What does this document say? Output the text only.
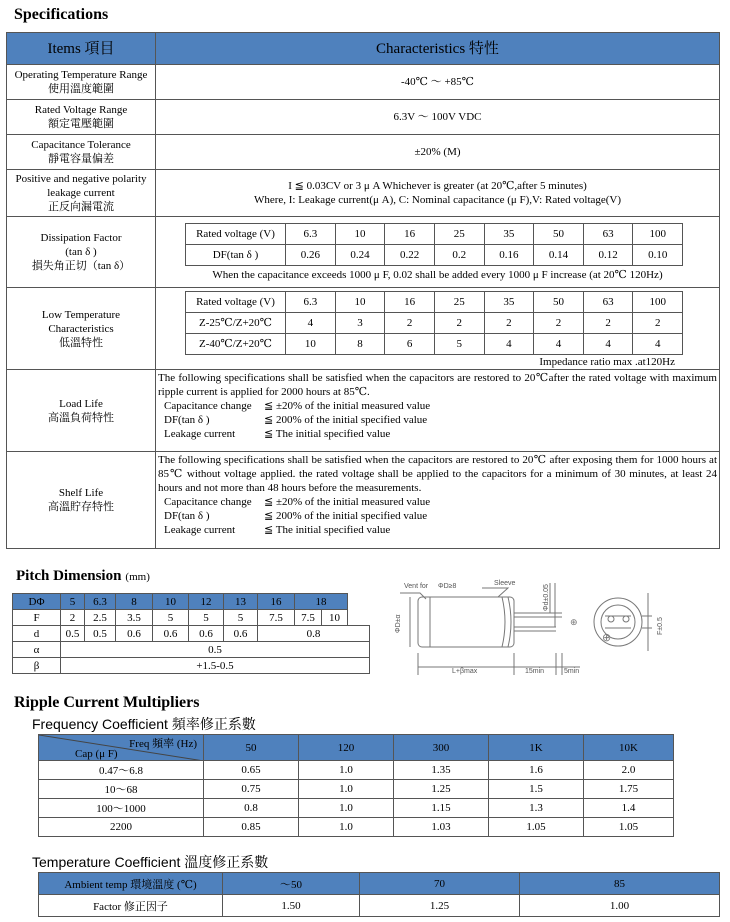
Specifications
Items 項目	Characteristics 特性

Operating Temperature Range
使用溫度範圍
	-40℃ ～ +85℃

Rated Voltage Range
額定電壓範圍
	6.3V ～ 100V VDC

Capacitance Tolerance
靜電容量偏差
	±20% (M)

Positive and negative polarity leakage current
正反向漏電流

I ≦ 0.03CV or 3 μ A Whichever is greater (at 20℃,after 5 minutes)
Where, I: Leakage current(μ A), C: Nominal capacitance (μ F),V: Rated voltage(V)

Dissipation Factor
(tan δ )
損失角正切（tan δ）

Rated voltage (V)	6.3	10	16	25	35	50	63	100
DF(tan δ )	0.26	0.24	0.22	0.2	0.16	0.14	0.12	0.10
When the capacitance exceeds 1000 μ F, 0.02 shall be added every 1000 μ F increase (at 20℃ 120Hz)

Low Temperature
Characteristics
低溫特性

Rated voltage (V)	6.3	10	16	25	35	50	63	100
Z-25℃/Z+20℃	4	3	2	2	2	2	2	2
Z-40℃/Z+20℃	10	8	6	5	4	4	4	4
Impedance ratio max .at120Hz

Load Life
高溫負荷特性

The following specifications shall be satisfied when the capacitors are restored to 20℃after the rated voltage with maximum ripple current is applied for 2000 hours at 85℃.
Capacitance change ≦ ±20% of the initial measured value
DF(tan δ )	≦ 200% of the initial specified value
Leakage current	≦ The initial specified value

Shelf Life
高溫貯存特性

The following specifications shall be satisfied when the capacitors are restored to 20℃ after exposing them for 1000 hours at 85℃ without voltage applied. the rated voltage shall be applied to the capacitors for a minimum of 30 minutes, at least 24 hours and not more than 48 hours before the measurements.
Capacitance change ≦ ±20% of the initial measured value
DF(tan δ )	≦ 200% of the initial specified value
Leakage current	≦ The initial specified value
Pitch Dimension (mm)
DΦ	5	6.3	8	10	12	13	16	18	
F	2	2.5	3.5	5	5	5	7.5	7.5	10
d	0.5	0.5	0.6	0.6	0.6	0.6	0.8		
α	0.5								
β	+1.5-0.5								
⊕
⊕
Vent for ΦD≥8	Sleeve
ΦD±α
Φd±0.05
F±0.5
L+βmax	15min	5min
Ripple Current Multipliers
Frequency Coefficient 頻率修正系數
Freq 頻率 (Hz)
Cap (μ F)	50	120	300	1K	10K
0.47～6.8	0.65	1.0	1.35	1.6	2.0
10～68	0.75	1.0	1.25	1.5	1.75
100～1000	0.8	1.0	1.15	1.3	1.4
2200	0.85	1.0	1.03	1.05	1.05
Temperature Coefficient 溫度修正系數
Ambient temp 環境溫度 (℃)	～50	70	85
Factor 修正因子	1.50	1.25	1.00
